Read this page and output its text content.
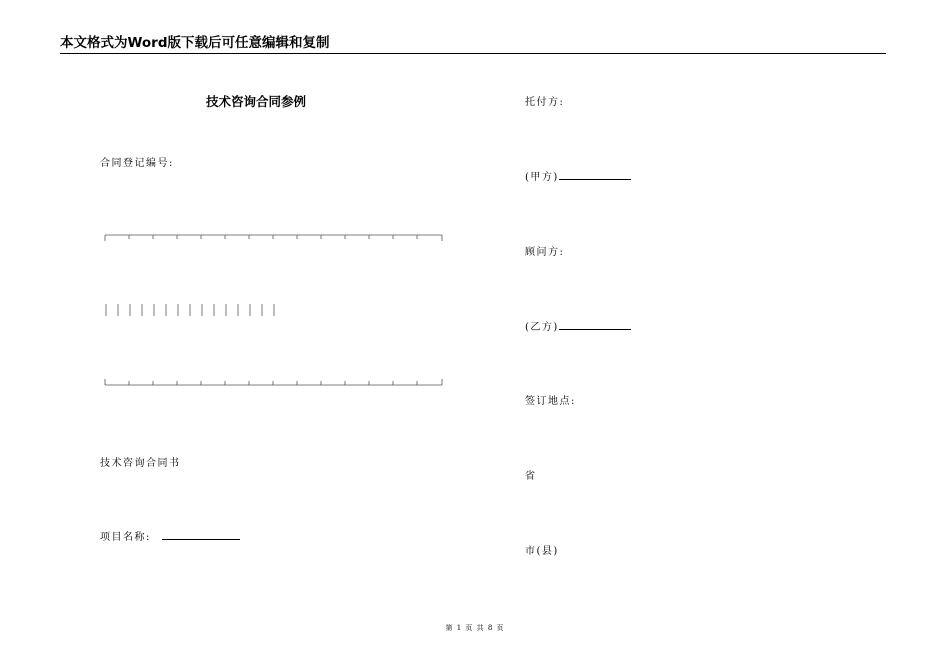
本文格式为Word版下载后可任意编辑和复制
技术咨询合同参例
合同登记编号:
技术咨询合同书
项目名称:
托付方:
(甲方)
顾问方:
(乙方)
签订地点:
省
市(县)
第 1 页 共 8 页
